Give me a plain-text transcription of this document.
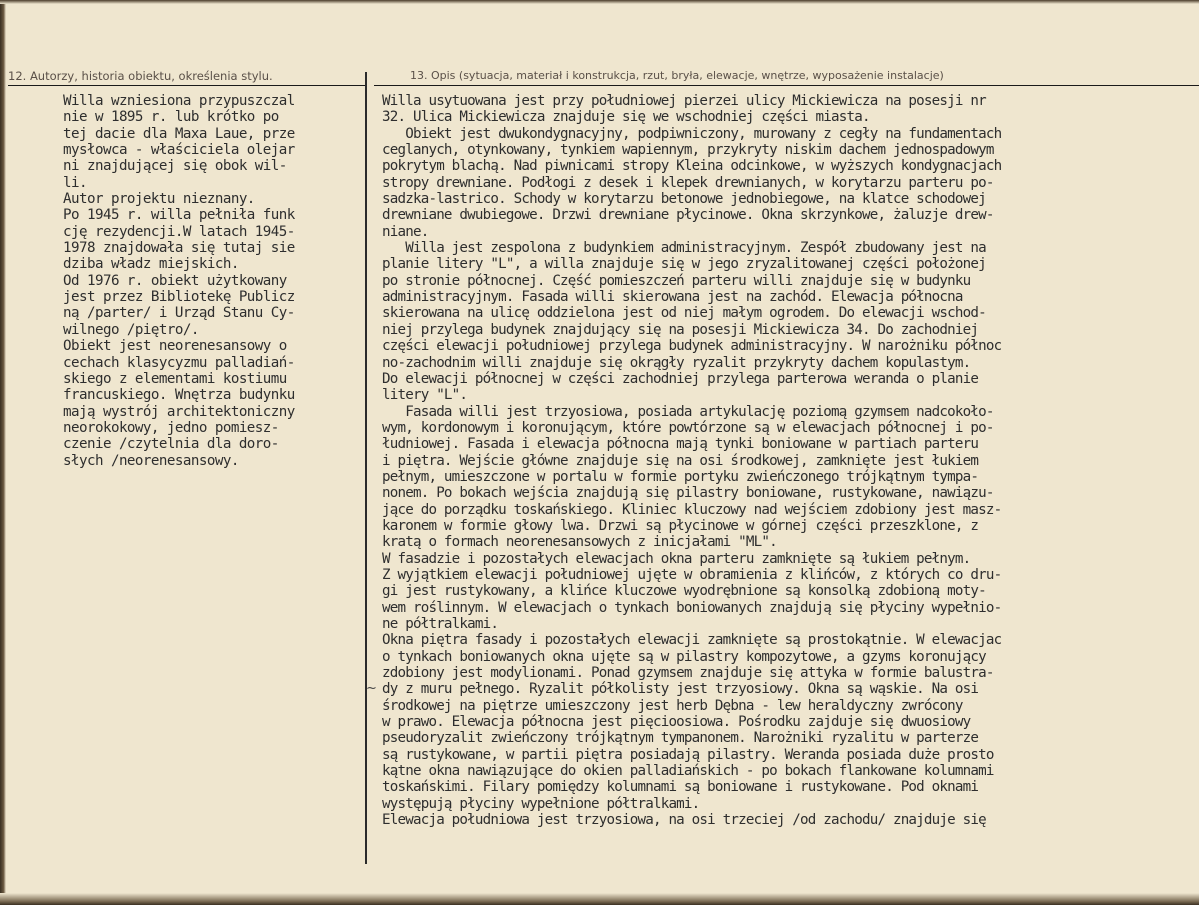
12. Autorzy, historia obiektu, określenia stylu.	13. Opis (sytuacja, materiał i konstrukcja, rzut, bryła, elewacje, wnętrze, wyposażenie instalacje)
Willa wzniesiona przypuszczal
nie w 1895 r. lub krótko po
tej dacie dla Maxa Laue, prze
mysłowca - właściciela olejar
ni znajdującej się obok wil-
li.
Autor projektu nieznany.
Po 1945 r. willa pełniła funk
cję rezydencji.W latach 1945-
1978 znajdowała się tutaj sie
dziba władz miejskich.
Od 1976 r. obiekt użytkowany
jest przez Bibliotekę Publicz
ną /parter/ i Urząd Stanu Cy-
wilnego /piętro/.
Obiekt jest neorenesansowy o
cechach klasycyzmu palladiań-
skiego z elementami kostiumu
francuskiego. Wnętrza budynku
mają wystrój architektoniczny
neorokokowy, jedno pomiesz-
czenie /czytelnia dla doro-
słych /neorenesansowy.
Willa usytuowana jest przy południowej pierzei ulicy Mickiewicza na posesji nr
32. Ulica Mickiewicza znajduje się we wschodniej części miasta.
Obiekt jest dwukondygnacyjny, podpiwniczony, murowany z cegły na fundamentach
ceglanych, otynkowany, tynkiem wapiennym, przykryty niskim dachem jednospadowym
pokrytym blachą. Nad piwnicami stropy Kleina odcinkowe, w wyższych kondygnacjach
stropy drewniane. Podłogi z desek i klepek drewnianych, w korytarzu parteru po-
sadzka-lastrico. Schody w korytarzu betonowe jednobiegowe, na klatce schodowej
drewniane dwubiegowe. Drzwi drewniane płycinowe. Okna skrzynkowe, żaluzje drew-
niane.
Willa jest zespolona z budynkiem administracyjnym. Zespół zbudowany jest na
planie litery "L", a willa znajduje się w jego zryzalitowanej części położonej
po stronie północnej. Część pomieszczeń parteru willi znajduje się w budynku
administracyjnym. Fasada willi skierowana jest na zachód. Elewacja północna
skierowana na ulicę oddzielona jest od niej małym ogrodem. Do elewacji wschod-
niej przylega budynek znajdujący się na posesji Mickiewicza 34. Do zachodniej
części elewacji południowej przylega budynek administracyjny. W narożniku północ
no-zachodnim willi znajduje się okrągły ryzalit przykryty dachem kopulastym.
Do elewacji północnej w części zachodniej przylega parterowa weranda o planie
litery "L".
Fasada willi jest trzyosiowa, posiada artykulację poziomą gzymsem nadcokoło-
wym, kordonowym i koronującym, które powtórzone są w elewacjach północnej i po-
łudniowej. Fasada i elewacja północna mają tynki boniowane w partiach parteru
i piętra. Wejście główne znajduje się na osi środkowej, zamknięte jest łukiem
pełnym, umieszczone w portalu w formie portyku zwieńczonego trójkątnym tympa-
nonem. Po bokach wejścia znajdują się pilastry boniowane, rustykowane, nawiązu-
jące do porządku toskańskiego. Kliniec kluczowy nad wejściem zdobiony jest masz-
karonem w formie głowy lwa. Drzwi są płycinowe w górnej części przeszklone, z
kratą o formach neorenesansowych z inicjałami "ML".
W fasadzie i pozostałych elewacjach okna parteru zamknięte są łukiem pełnym.
Z wyjątkiem elewacji południowej ujęte w obramienia z klińców, z których co dru-
gi jest rustykowany, a klińce kluczowe wyodrębnione są konsolką zdobioną moty-
wem roślinnym. W elewacjach o tynkach boniowanych znajdują się płyciny wypełnio-
ne półtralkami.
Okna piętra fasady i pozostałych elewacji zamknięte są prostokątnie. W elewacjac
o tynkach boniowanych okna ujęte są w pilastry kompozytowe, a gzyms koronujący
zdobiony jest modylionami. Ponad gzymsem znajduje się attyka w formie balustra-
dy z muru pełnego. Ryzalit półkolisty jest trzyosiowy. Okna są wąskie. Na osi
środkowej na piętrze umieszczony jest herb Dębna - lew heraldyczny zwrócony
w prawo. Elewacja północna jest pięcioosiowa. Pośrodku zajduje się dwuosiowy
pseudoryzalit zwieńczony trójkątnym tympanonem. Narożniki ryzalitu w parterze
są rustykowane, w partii piętra posiadają pilastry. Weranda posiada duże prosto
kątne okna nawiązujące do okien palladiańskich - po bokach flankowane kolumnami
toskańskimi. Filary pomiędzy kolumnami są boniowane i rustykowane. Pod oknami
występują płyciny wypełnione półtralkami.
Elewacja południowa jest trzyosiowa, na osi trzeciej /od zachodu/ znajduje się
~
